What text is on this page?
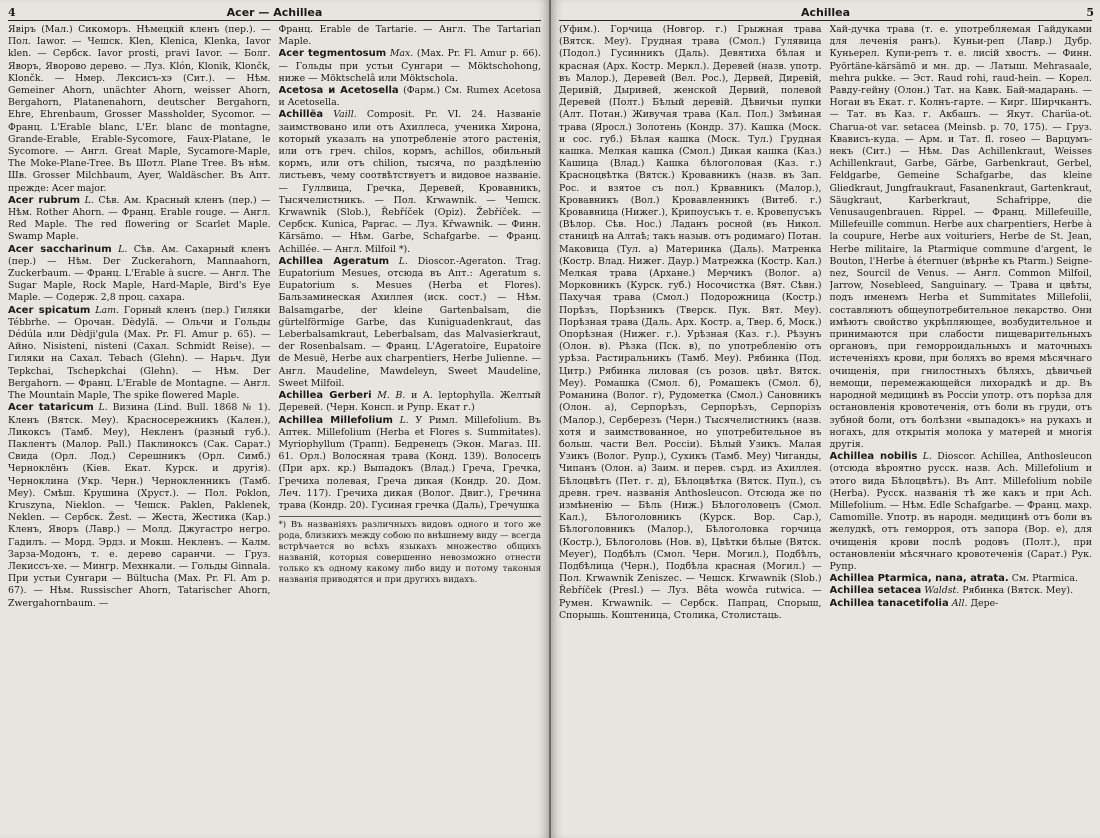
4	Acer — Achillea

Явіръ (Мал.) Сикоморъ. Нѣмецкій кленъ (пер.). — Пол. Iawor. — Чешск. Klen, Klenica, Klenka, Iavor klen. — Сербск. Iavor prosti, pravi Iavor. — Болг. Яворъ, Яворово дерево. — Луз. Klón, Klonik, Klončk, Klončk. — Нмер. Лексисъ-хэ (Сит.). — Нѣм. Gemeiner Ahorn, unächter Ahorn, weisser Ahorn, Bergahorn, Platanenahorn, deutscher Bergahorn, Ehre, Ehrenbaum, Grosser Massholder, Sycomor. — Франц. L'Erable blanc, L'Er. blanc de montagne, Grande-Erable, Erable-Sycomore, Faux-Platane, le Sycomore. — Англ. Great Maple, Sycamore-Maple, The Moke-Plane-Tree. Въ Шотл. Plane Tree. Въ нѣм. Шв. Grosser Milchbaum, Ayer, Waldäscher. Въ Апт. прежде: Acer major.

Acer rubrum L. Сѣв. Ам. Красный кленъ (пер.) — Нѣм. Rother Ahorn. — Франц. Erable rouge. — Англ. Red Maple. The red flowering or Scarlet Maple. Swamp Maple.

Acer saccharinum L. Сѣв. Ам. Сахарный кленъ (пер.) — Нѣм. Der Zuckerahorn, Mannaahorn, Zuckerbaum. — Франц. L'Erable à sucre. — Англ. The Sugar Maple, Rock Maple, Hard-Maple, Bird's Eye Maple. — Содерж. 2,8 проц. сахара.

Acer spicatum Lam. Горный кленъ (пер.) Гиляки Tébbrhe. — Орочан. Dèdylä. — Ольчи и Гольды Dédúla или Dèdji'gula (Max. Pr. Fl. Amur p. 65). — Айно. Nisisteni, nisteni (Сахал. Schmidt Reise). — Гиляки на Сахал. Tebach (Glehn). — Нарьч. Дуи Tepkchai, Tschepkchai (Glehn). — Нѣм. Der Bergahorn. — Франц. L'Erable de Montagne. — Англ. The Mountain Maple, The spike flowered Maple.

Acer tataricum L. Визина (Lind. Bull. 1868 № 1). Кленъ (Вятск. Меу). Красносережникъ (Кален.), Ликоксъ (Тамб. Меу), Некленъ (разный губ.). Паклентъ (Малор. Pall.) Паклиноксъ (Сак. Сарат.) Свида (Орл. Лод.) Серешникъ (Орл. Симб.) Черноклёнъ (Кіев. Екат. Курск. и другія). Черноклина (Укр. Черн.) Чернокленникъ (Тамб. Меу). Смѣш. Крушина (Хруст.). — Пол. Poklon, Kruszyna, Nieklon. — Чешск. Paklen, Paklenek, Neklen. — Сербск. Žest. — Жеста, Жестика (Кар.) Кленъ, Яворъ (Лавр.) — Молд. Джугастро негро. Гадилъ. — Морд. Эрдз. и Мокш. Некленъ. — Калм. Зарза-Модонъ, т. е. дерево саранчи. — Груз. Лекиссъ-хе. — Мингр. Мехнкали. — Гольды Ginnala. При устьи Сунгари — Bültucha (Max. Pr. Fl. Am p. 67). — Нѣм. Russischer Ahorn, Tatarischer Ahorn, Zwergahornbaum. —

Франц. Erable de Tartarie. — Англ. The Tartarian Maple.

Acer tegmentosum Max. (Max. Pr. Fl. Amur p. 66). — Гольды при устьи Сунгари — Möktschohong, ниже — Möktschelâ или Möktschola.

Acetosa и Acetosella (Фарм.) См. Rumex Acetosa и Acetosella.

Achillëa Vaill. Composit. Pr. VI. 24. Названіе заимствовано или отъ Ахиллеса, ученика Хирона, который указалъ на употребленіе этого растенія, или отъ греч. chilos, кормъ, achillos, обильный кормъ, или отъ chilion, тысяча, по раздѣленію листьевъ, чему соотвѣтствуетъ и видовое названіе. — Гуллвица, Гречка, Деревей, Кровавникъ, Тысячелистникъ. — Пол. Krwawnik. — Чешск. Krwawnik (Slob.), Řebříček (Opiz). Žebříček. — Сербск. Kunica, Paprac. — Луз. Křwawnik. — Финн. Kärsämo. — Нѣм. Garbe, Schafgarbe. — Франц. Achillée. — Англ. Milfoil *).

Achillea Ageratum L. Dioscor.-Ageraton. Trag. Eupatorium Mesues, отсюда въ Апт.: Ageratum s. Eupatorium s. Mesues (Herba et Flores). Бальзаминеская Ахиллея (иск. сост.) — Нѣм. Balsamgarbe, der kleine Gartenbalsam, die gürtelförmige Garbe, das Kuniguadenkraut, das Leberbalsamkraut, Leberbalsam, das Malvasierkraut, der Rosenbalsam. — Франц. L'Ageratoire, Eupatoire de Mesuë, Herbe aux charpentiers, Herbe Julienne. — Англ. Maudeline, Mawdeleyn, Sweet Maudeline, Sweet Milfoil.

Achillea Gerberi M. B. и A. leptophylla. Желтый Деревей. (Черн. Консп. и Рупр. Екат г.)

Achillea Millefolium L. У Римл. Millefolium. Въ Аптек. Millefolium (Herba et Flores s. Summitates). Myriophyllum (Трапп). Бедренецъ (Экон. Магаз. III. 61. Орл.) Волосяная трава (Конд. 139). Волосецъ (При арх. кр.) Выпадокъ (Влад.) Греча, Гречка, Гречиха полевая, Греча дикая (Кондр. 20. Дом. Леч. 117). Гречиха дикая (Волог. Двиг.), Гречнна трава (Кондр. 20). Гусиная гречка (Даль), Гречушка

*) Въ названіяхъ различныхъ видовъ одного и того же рода, близкихъ между собою по внѣшнему виду — всегда встрѣчается во всѣхъ языкахъ множество общихъ названій, которыя совершенно невозможно отнести только къ одному какому либо виду и потому таконыя названія приводятся и при другихъ видахъ.
Achillea	5

(Уфим.). Горчица (Новгор. г.) Грыжная трава (Вятск. Меу). Грудная трава (Смол.) Гулявица (Подол.) Гусинникъ (Даль). Девятиха бѣлая и красная (Арх. Костр. Меркл.). Деревей (назв. употр. въ Малор.), Деревей (Вел. Рос.), Дервей, Диревій, Деривій, Дыривей, женской Дервий, полевой Деревей (Полт.) Бѣлый деревій. Дѣвичьи пупки (Алт. Потан.) Живучая трава (Кал. Пол.) Змѣиная трава (Яросл.) Золотень (Кондр. 37). Кашка (Моск. и сос. губ.) Бѣлая кашка (Моск. Тул.) Грудная кашка. Мелкая кашка (Смол.) Дикая кашка (Каз.) Кашица (Влад.) Кашка бѣлоголовая (Каз. г.) Красноцвѣтка (Вятск.) Кровавникъ (назв. въ Зап. Рос. и взятое съ пол.) Крвавникъ (Малор.), Кровавникъ (Вол.) Кровавленникъ (Витеб. г.) Кровавница (Нижег.), Крипоусъкъ т. е. Кровепусъкъ (Вѣлор. Сѣв. Нос.) Ладанъ росной (въ Никол. станицѣ на Алтаѣ; такъ назыв. отъ родимаго) Потан. Маковица (Тул. а) Материнка (Даль). Матренка (Костр. Влад. Нижег. Даур.) Матрежка (Костр. Кал.) Мелкая трава (Архане.) Мерчикъ (Волог. а) Морковникъ (Курск. губ.) Носочистка (Вят. Сѣвн.) Пахучая трава (Смол.) Подорожница (Костр.) Порѣзъ, Порѣзникъ (Тверск. Пук. Вят. Меу). Порѣзная трава (Даль. Арх. Костр. а, Твер. б, Моск.) Опорѣзная (Нижег. г.). Урѣзная (Каз. г.). Рѣзунъ (Олон. в). Рѣзка (Пск. в), по употребленію отъ урѣза. Растиральникъ (Тамб. Меу). Рябинка (Под. Цитр.) Рябинка лиловая (съ розов. цвѣт. Вятск. Меу). Ромашка (Смол. б), Ромашекъ (Смол. б), Романина (Волог. г), Рудометка (Смол.) Сановникъ (Олон. а), Серпорѣзъ, Серпорѣзъ, Серпорізъ (Малор.), Серберезъ (Черн.) Тысячелистникъ (назв. хотя и заимствованное, но употребительное въ больш. части Вел. Россіи). Бѣлый Узикъ. Малая Узикъ (Волог. Рупр.), Сухикъ (Тамб. Меу) Чиганды, Чипанъ (Олон. а) Заим. и перев. сърд. из Ахиллея. Бѣлоцвѣтъ (Пет. г. д), Бѣлоцвѣтка (Вятск. Пуп.), съ древн. греч. названія Anthosleucon. Отсюда же по измѣненію — Бѣль (Ниж.) Бѣлоголовецъ (Смол. Кал.), Бѣлоголовникъ (Курск. Вор. Сар.), Бѣлоголовникъ (Малор.), Бѣлоголовка горчица (Костр.), Бѣлоголовь (Нов. в), Цвѣтки бѣлые (Вятск. Меуег), Подбѣлъ (Смол. Черн. Могил.), Подбѣлъ, Подбѣлица (Черн.), Подбѣла красная (Могил.) — Пол. Krwawnik Zeniszec. — Чешск. Krwawnik (Slob.) Řebříček (Presl.) — Луз. Bêta wowča rutwica. — Румен. Krwawnik. — Сербск. Папрац, Спорыш, Спорышь. Коштеница, Столика, Столистаць.

Хай-дучка трава (т. е. употребляемая Гайдуками для леченія ранъ). Куньи-реп (Лавр.) Дубр. Куньерел. Купи-репъ т. е. лисій хвостъ. — Финн. Pyörtäne-kärsämö и мн. др. — Латыш. Mehrasaale, mehra pukke. — Эст. Raud rohi, raud-hein. — Корел. Равду-гейну (Олон.) Тат. на Кавк. Бай-мадарань. — Ногаи въ Екат. г. Колнъ-гарте. — Кирг. Ширчкантъ. — Тат. въ Каз. г. Акбашъ. — Якут. Charüa-ot. Charua-ot var. setacea (Meinsb. p. 70, 175). — Груз. Квависъ-куда. — Арм. и Тат. fl. roseo — Варцумъ-некъ (Сит.) — Нѣм. Das Achillenkraut, Weisses Achillenkraut, Garbe, Gärbe, Garbenkraut, Gerbel, Feldgarbe, Gemeine Schafgarbe, das kleine Gliedkraut, Jungfraukraut, Fasanenkraut, Gartenkraut, Säugkraut, Karberkraut, Schafrippe, die Venusaugenbrauen. Rippel. — Франц. Millefeuille, Millefeuille commun. Herbe aux charpentiers, Herbe à la coupure, Herbe aux voituriers, Herbe de St. Jean, Herbe militaire, la Ptarmique commune d'argent, le Bouton, l'Herbe à éternuer (вѣрнѣе къ Ptarm.) Seigne-nez, Sourcil de Venus. — Англ. Common Milfoil, Jarrow, Nosebleed, Sanguinary. — Трава и цвѣты, подъ именемъ Herba et Summitates Millefolii, составляютъ общеупотребительное лекарство. Они имѣютъ свойство укрѣпляющее, возбудительное и принимаются при слабости пищеварительныхъ органовъ, при геморроидальныхъ и маточныхъ истеченіяхъ крови, при боляхъ во время мѣсячнаго очищенія, при гнилостныхъ бѣляхъ, дѣвичьей немощи, перемежающейся лихорадкѣ и др. Въ народной медицинѣ въ Россіи употр. отъ порѣза для остановленія кровотеченія, отъ боли въ груди, отъ зубной боли, отъ болѣзни «выпадокъ» на рукахъ и ногахъ, для открытія молока у матерей и многія другія.

Achillea nobilis L. Dioscor. Achillea, Anthosleucon (отсюда вѣроятно русск. назв. Ach. Millefolium и этого вида Бѣлоцвѣтъ). Въ Апт. Millefolium nobile (Herba). Русск. названія тѣ же какъ и при Ach. Millefolium. — Нѣм. Edle Schafgarbe. — Франц. махр. Camomille. Употр. въ народн. медицинѣ отъ боли въ желудкѣ, отъ геморроя, отъ запора (Вор. е), для очищенія крови послѣ родовъ (Полт.), при остановленіи мѣсячнаго кровотеченія (Сарат.) Рук. Рупр.

Achillea Ptarmica, nana, atrata. См. Ptarmica.

Achillea setacea Waldst. Рябинка (Вятск. Меу).

Achillea tanacetifolia All. Дере-
